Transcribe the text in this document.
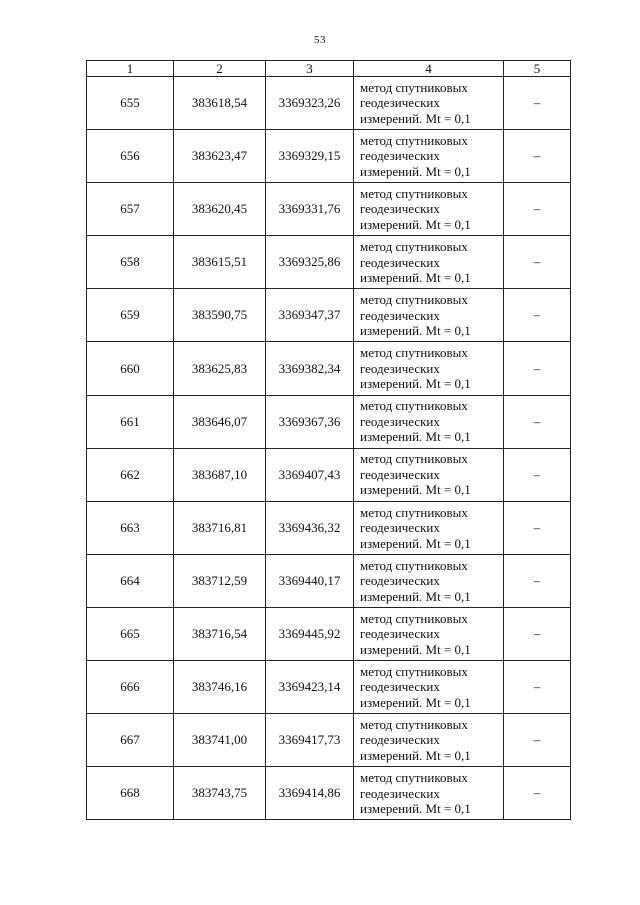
53
1	2	3	4	5
655	383618,54	3369323,26	метод спутниковых
геодезических
измерений. Mt = 0,1	–
656	383623,47	3369329,15	метод спутниковых
геодезических
измерений. Mt = 0,1	–
657	383620,45	3369331,76	метод спутниковых
геодезических
измерений. Mt = 0,1	–
658	383615,51	3369325,86	метод спутниковых
геодезических
измерений. Mt = 0,1	–
659	383590,75	3369347,37	метод спутниковых
геодезических
измерений. Mt = 0,1	–
660	383625,83	3369382,34	метод спутниковых
геодезических
измерений. Mt = 0,1	–
661	383646,07	3369367,36	метод спутниковых
геодезических
измерений. Mt = 0,1	–
662	383687,10	3369407,43	метод спутниковых
геодезических
измерений. Mt = 0,1	–
663	383716,81	3369436,32	метод спутниковых
геодезических
измерений. Mt = 0,1	–
664	383712,59	3369440,17	метод спутниковых
геодезических
измерений. Mt = 0,1	–
665	383716,54	3369445,92	метод спутниковых
геодезических
измерений. Mt = 0,1	–
666	383746,16	3369423,14	метод спутниковых
геодезических
измерений. Mt = 0,1	–
667	383741,00	3369417,73	метод спутниковых
геодезических
измерений. Mt = 0,1	–
668	383743,75	3369414,86	метод спутниковых
геодезических
измерений. Mt = 0,1	–
